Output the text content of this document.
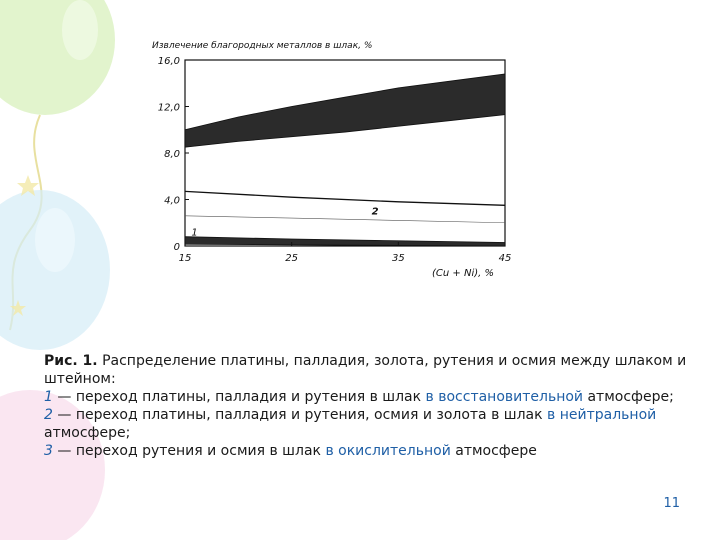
Извлечение благородных металлов в шлак, %
0
4,0
8,0
12,0
16,0
15	25	35	45
1
2
(Cu + Ni), %
Рис. 1. Распределение платины, палладия, золота, рутения и осмия между шлаком и штейном:
1 — переход платины, палладия и рутения в шлак в восстановительной атмосфере;
2 — переход платины, палладия и рутения, осмия и золота в шлак в нейтральной атмосфере;
3 — переход рутения и осмия в шлак в окислительной атмосфере
11
